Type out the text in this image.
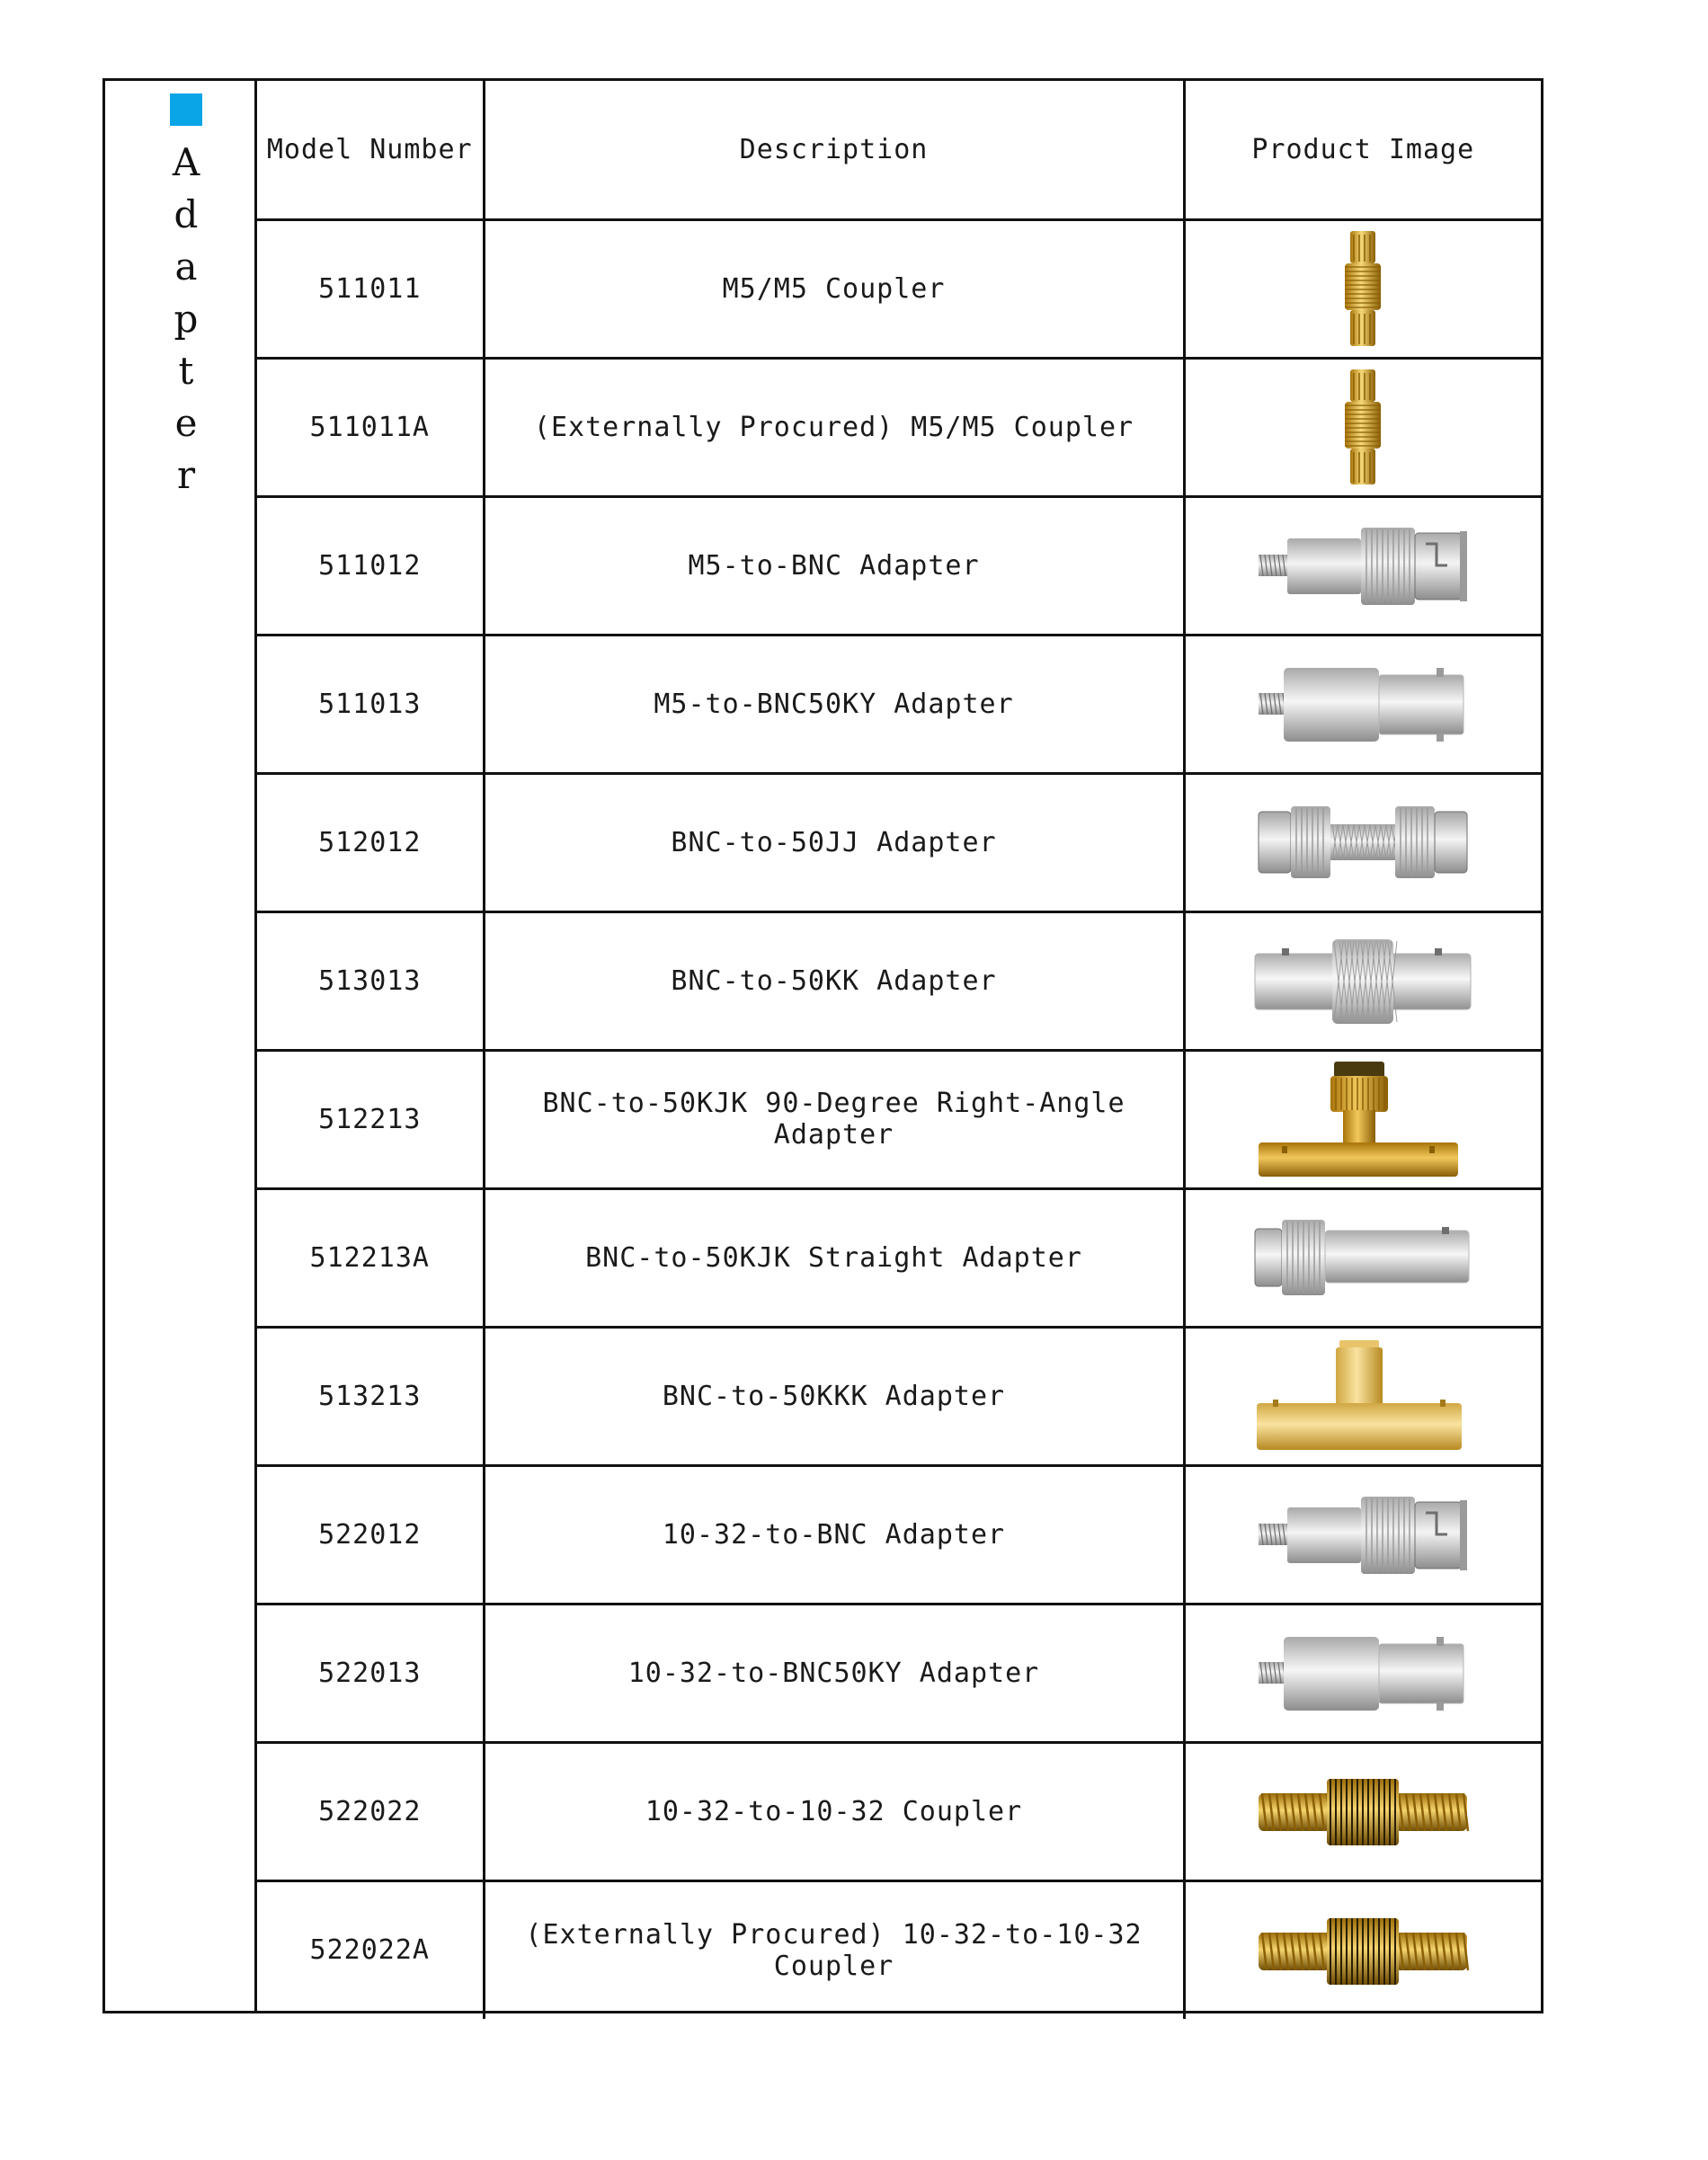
A
d
a
p
t
e
r
Model Number	Description	Product Image
511011	M5/M5 Coupler	

511011A	(Externally Procured) M5/M5 Coupler	

511012	M5-to-BNC Adapter	

511013	M5-to-BNC50KY Adapter	

512012	BNC-to-50JJ Adapter	

513013	BNC-to-50KK Adapter	

512213	BNC-to-50KJK 90-Degree Right-Angle Adapter	

512213A	BNC-to-50KJK Straight Adapter	

513213	BNC-to-50KKK Adapter	

522012	10-32-to-BNC Adapter	

522013	10-32-to-BNC50KY Adapter	

522022	10-32-to-10-32 Coupler	

522022A	(Externally Procured) 10-32-to-10-32 Coupler	
